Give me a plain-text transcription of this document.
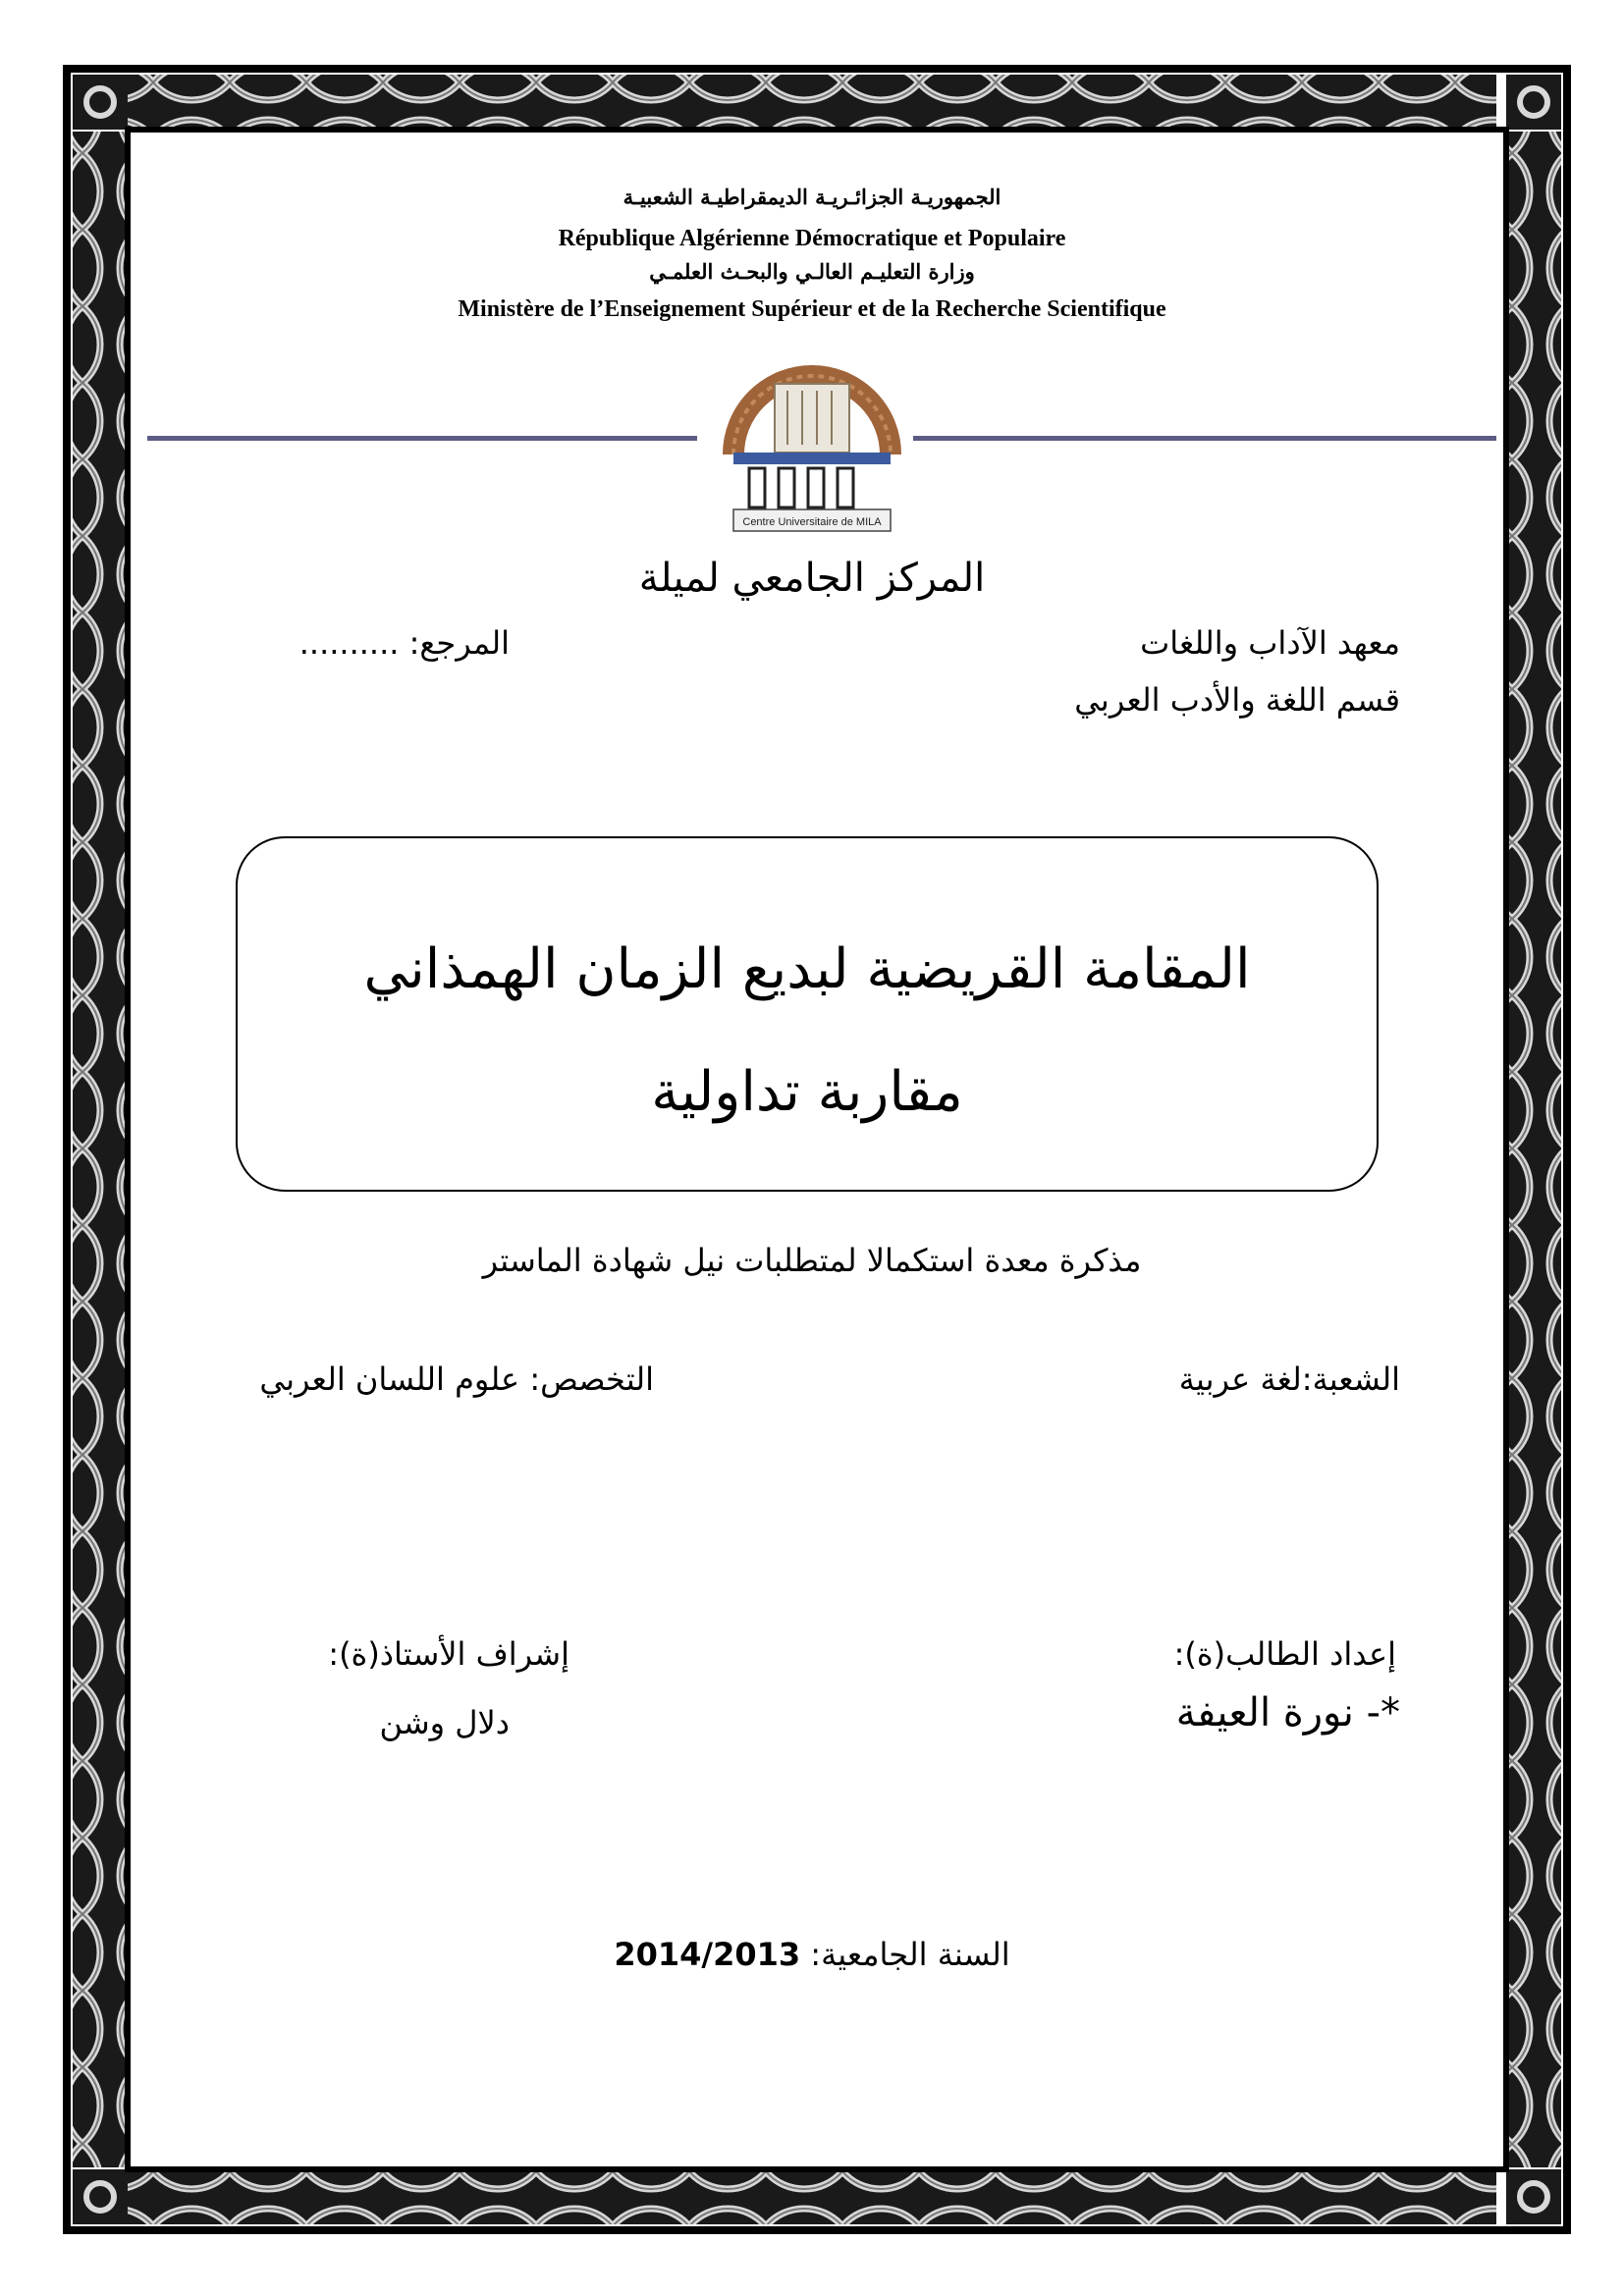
الجمهوريـة الجزائـريـة الديمقراطيـة الشعبيـة
République Algérienne Démocratique et Populaire
وزارة التعليـم العالـي والبحـث العلمـي
Ministère de l’Enseignement Supérieur et de la Recherche Scientifique
Centre Universitaire de MILA
المركز الجامعي لميلة
معهد الآداب واللغات
المرجع: ..........
قسم اللغة والأدب العربي
المقامة القريضية لبديع الزمان الهمذاني
مقاربة تداولية
مذكرة معدة استكمالا لمتطلبات نيل شهادة الماستر
الشعبة:لغة عربية
التخصص: علوم اللسان العربي
إعداد الطالب(ة):
*- نورة العيفة
إشراف الأستاذ(ة):
دلال وشن
السنة الجامعية: 2014/2013
